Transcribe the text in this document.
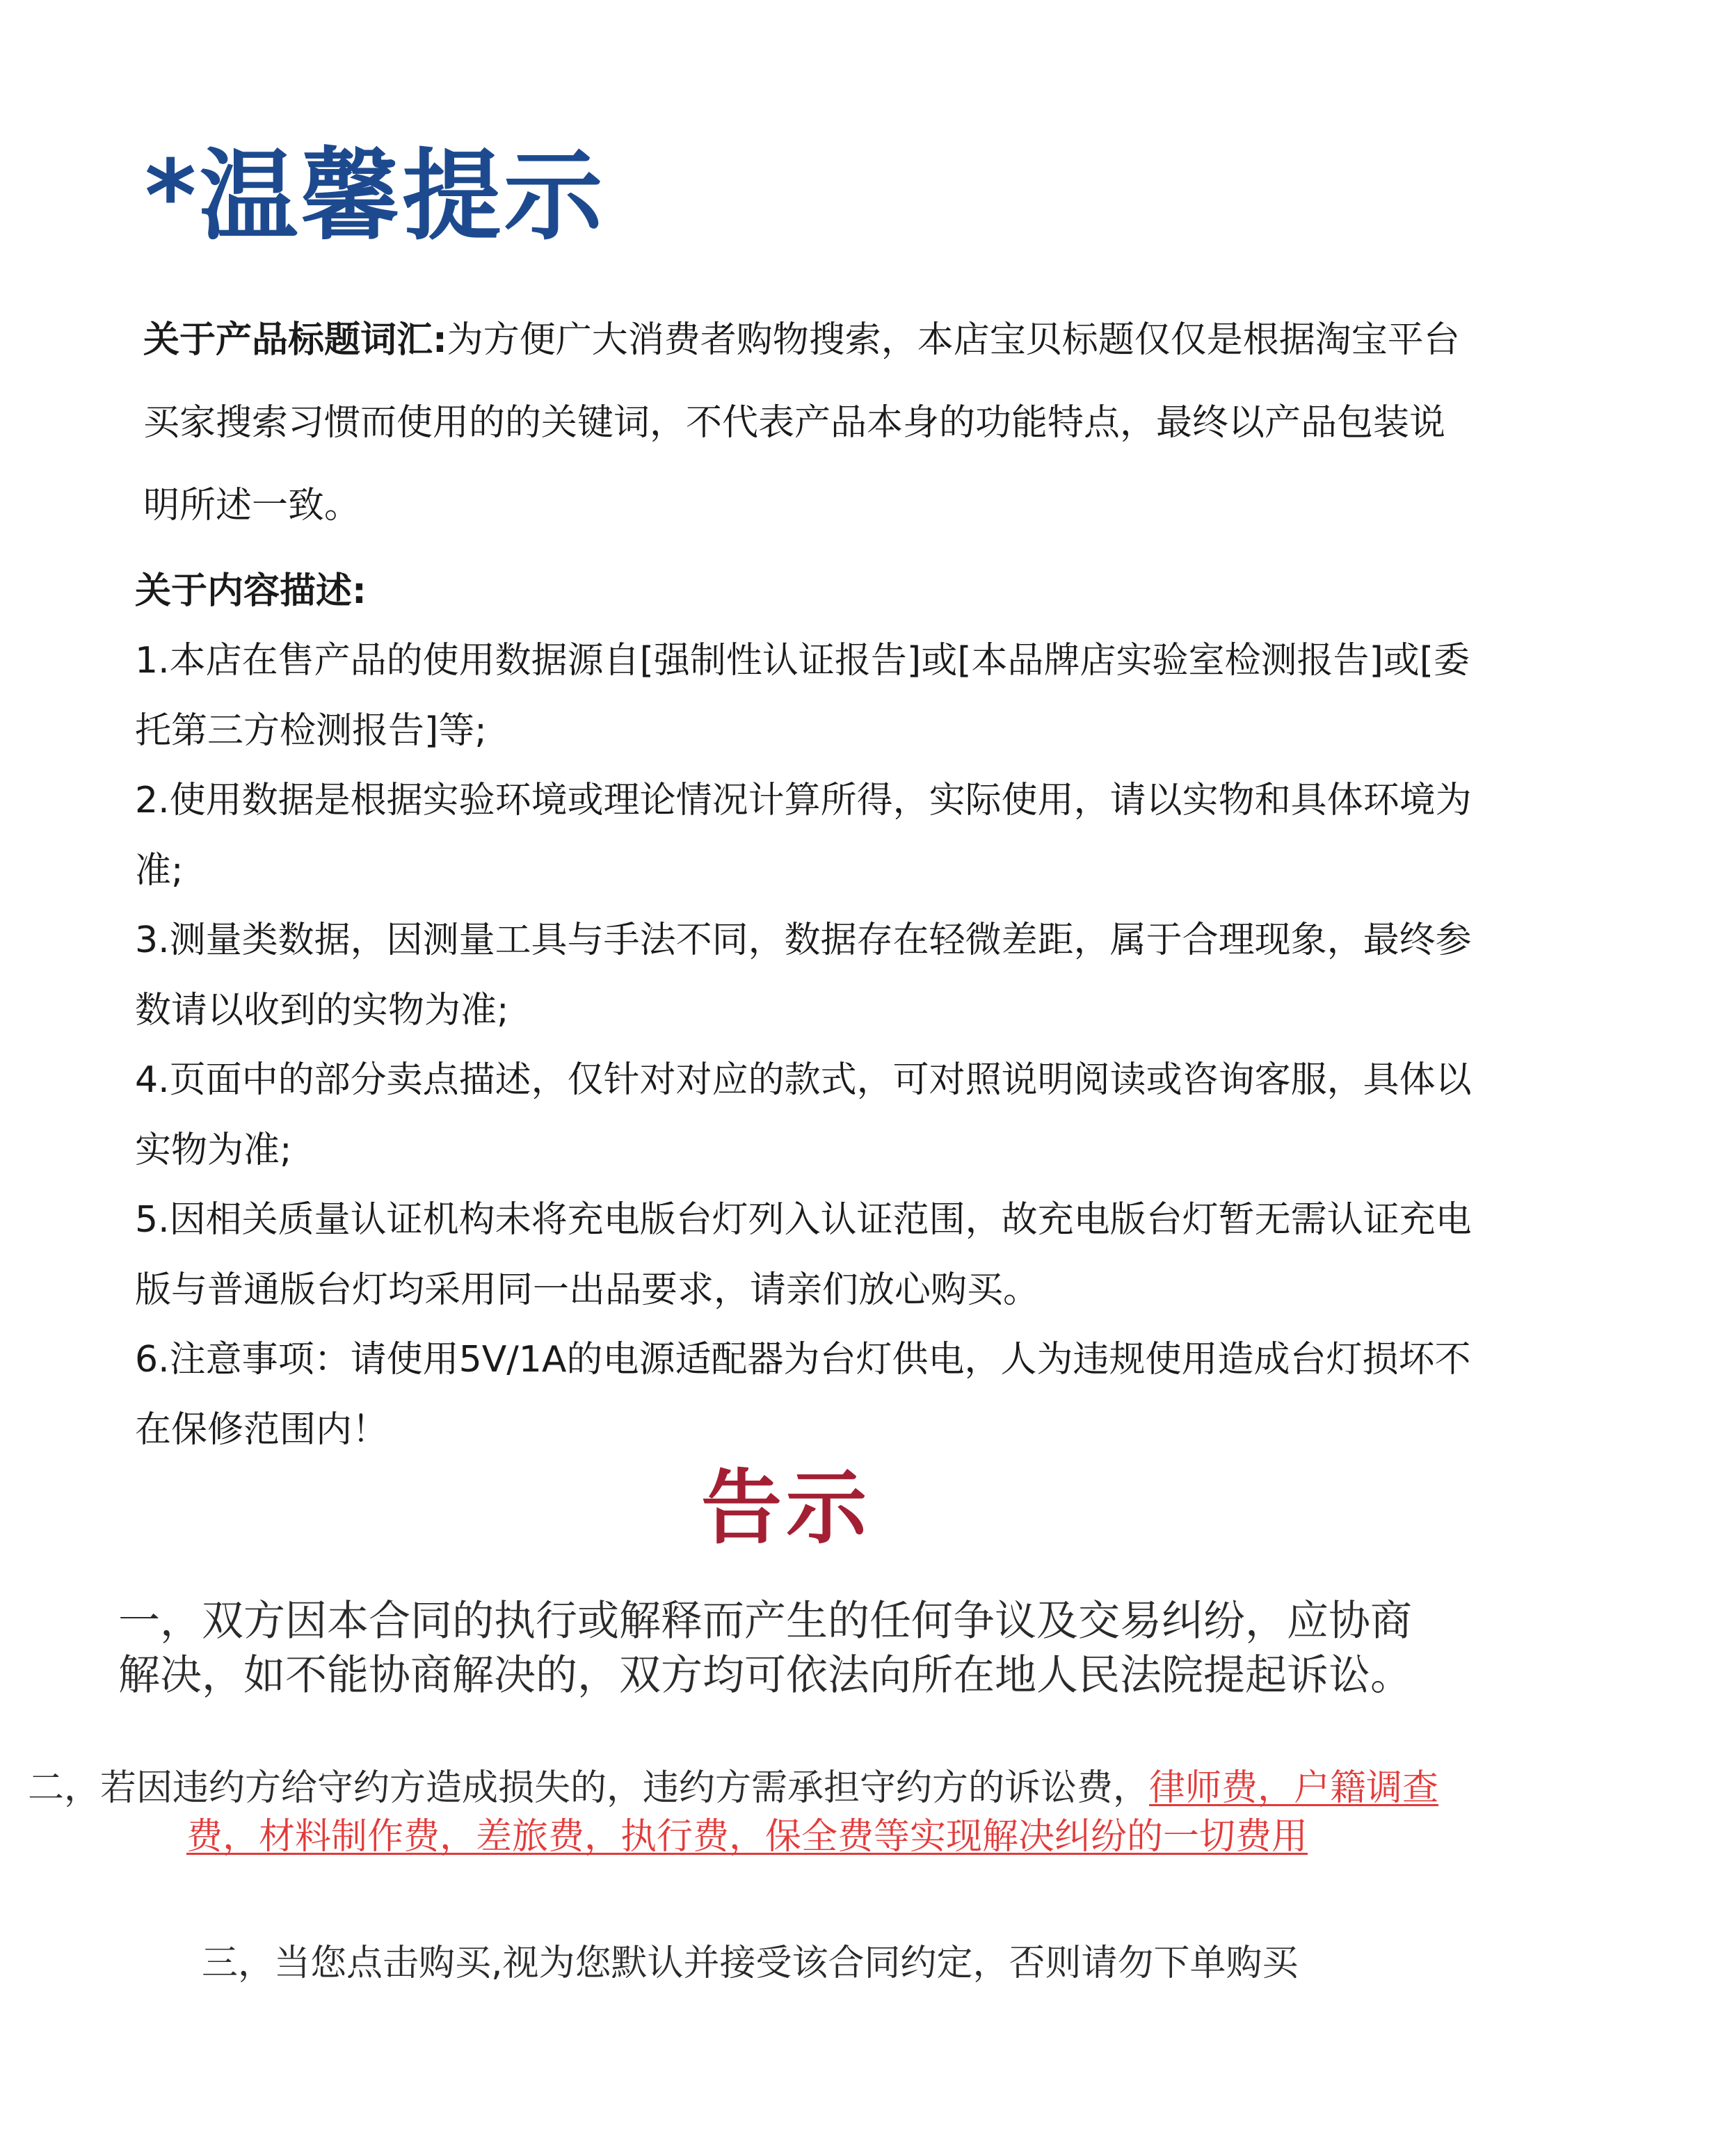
*温馨提示
关于产品标题词汇:为方便广大消费者购物搜索，本店宝贝标题仅仅是根据淘宝平台
买家搜索习惯而使用的的关键词，不代表产品本身的功能特点，最终以产品包装说
明所述一致。
关于内容描述:
1.本店在售产品的使用数据源自[强制性认证报告]或[本品牌店实验室检测报告]或[委
托第三方检测报告]等;
2.使用数据是根据实验环境或理论情况计算所得，实际使用，请以实物和具体环境为
准;
3.测量类数据，因测量工具与手法不同，数据存在轻微差距，属于合理现象，最终参
数请以收到的实物为准;
4.页面中的部分卖点描述，仅针对对应的款式，可对照说明阅读或咨询客服，具体以
实物为准;
5.因相关质量认证机构未将充电版台灯列入认证范围，故充电版台灯暂无需认证充电
版与普通版台灯均采用同一出品要求，请亲们放心购买。
6.注意事项：请使用5V/1A的电源适配器为台灯供电，人为违规使用造成台灯损坏不
在保修范围内！
告示
一，双方因本合同的执行或解释而产生的任何争议及交易纠纷，应协商
解决，如不能协商解决的，双方均可依法向所在地人民法院提起诉讼。
二，若因违约方给守约方造成损失的，违约方需承担守约方的诉讼费，律师费，户籍调查
费，材料制作费，差旅费，执行费，保全费等实现解决纠纷的一切费用
三，当您点击购买,视为您默认并接受该合同约定，否则请勿下单购买
